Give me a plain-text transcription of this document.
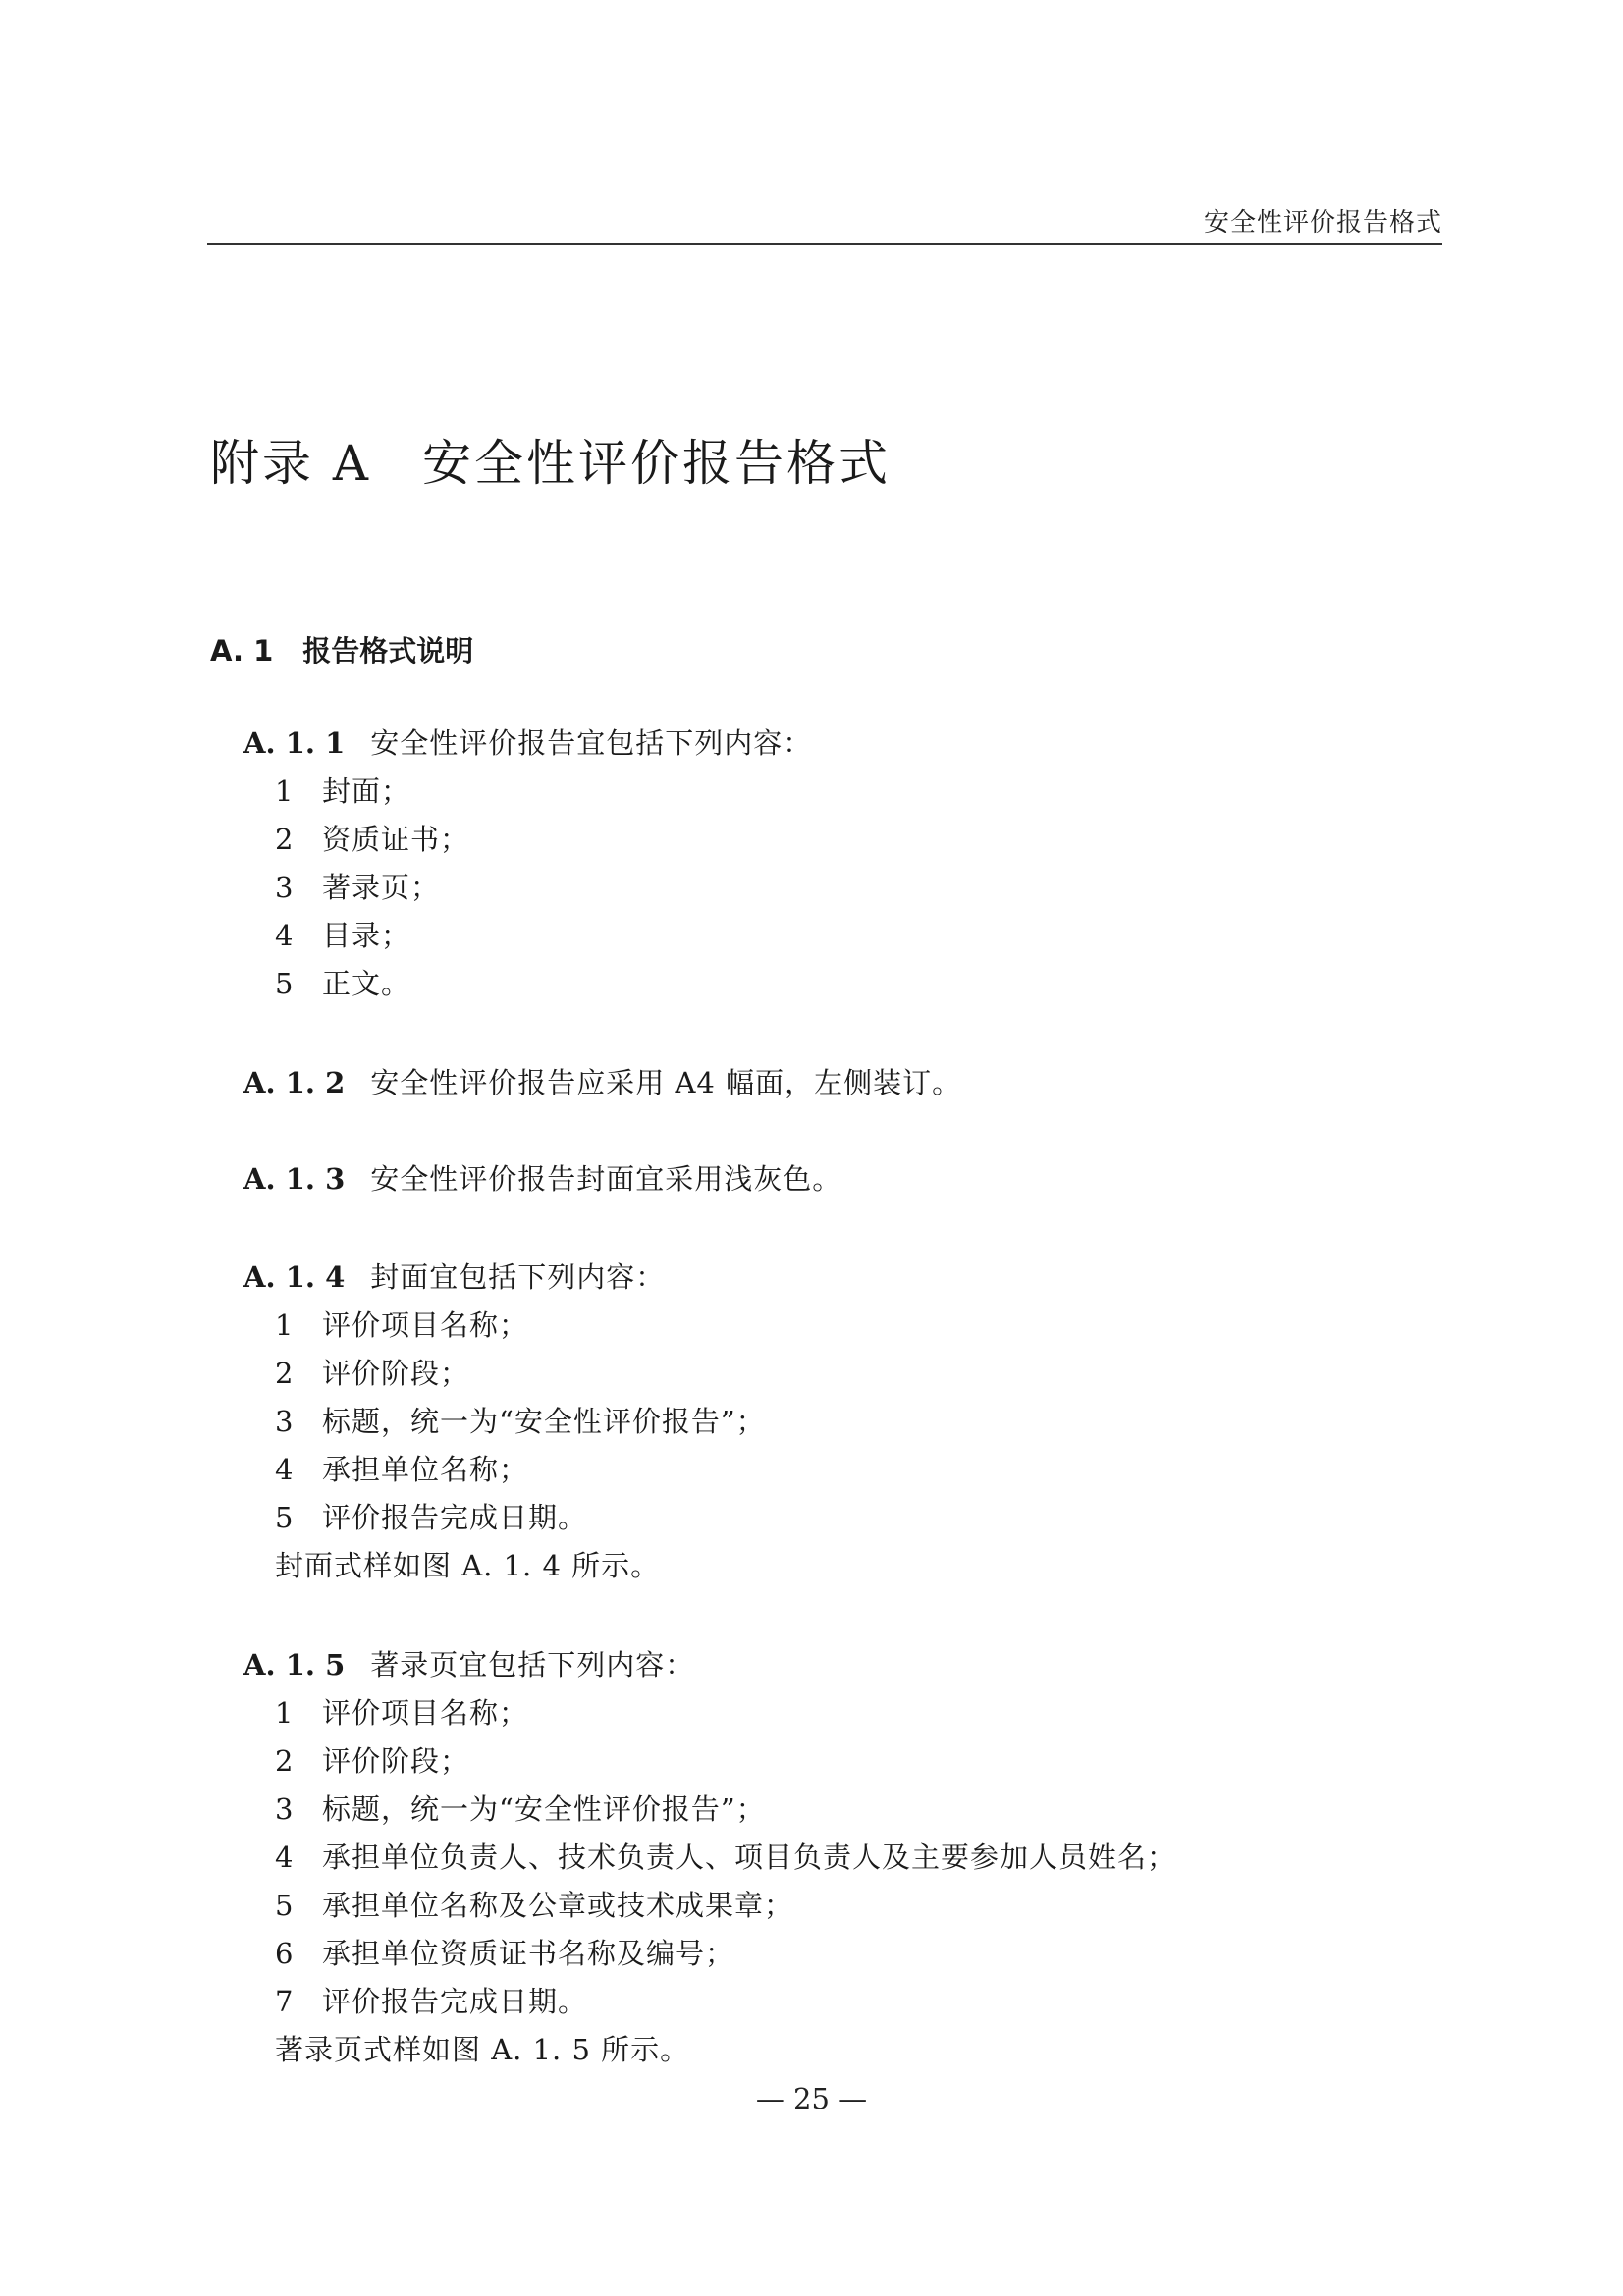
安全性评价报告格式
附录 A 安全性评价报告格式
A. 1 报告格式说明
A. 1. 1 安全性评价报告宜包括下列内容：
1 封面；
2 资质证书；
3 著录页；
4 目录；
5 正文。
A. 1. 2 安全性评价报告应采用 A4 幅面，左侧装订。
A. 1. 3 安全性评价报告封面宜采用浅灰色。
A. 1. 4 封面宜包括下列内容：
1 评价项目名称；
2 评价阶段；
3 标题，统一为“安全性评价报告”；
4 承担单位名称；
5 评价报告完成日期。
封面式样如图 A. 1. 4 所示。
A. 1. 5 著录页宜包括下列内容：
1 评价项目名称；
2 评价阶段；
3 标题，统一为“安全性评价报告”；
4 承担单位负责人、技术负责人、项目负责人及主要参加人员姓名；
5 承担单位名称及公章或技术成果章；
6 承担单位资质证书名称及编号；
7 评价报告完成日期。
著录页式样如图 A. 1. 5 所示。
— 25 —
